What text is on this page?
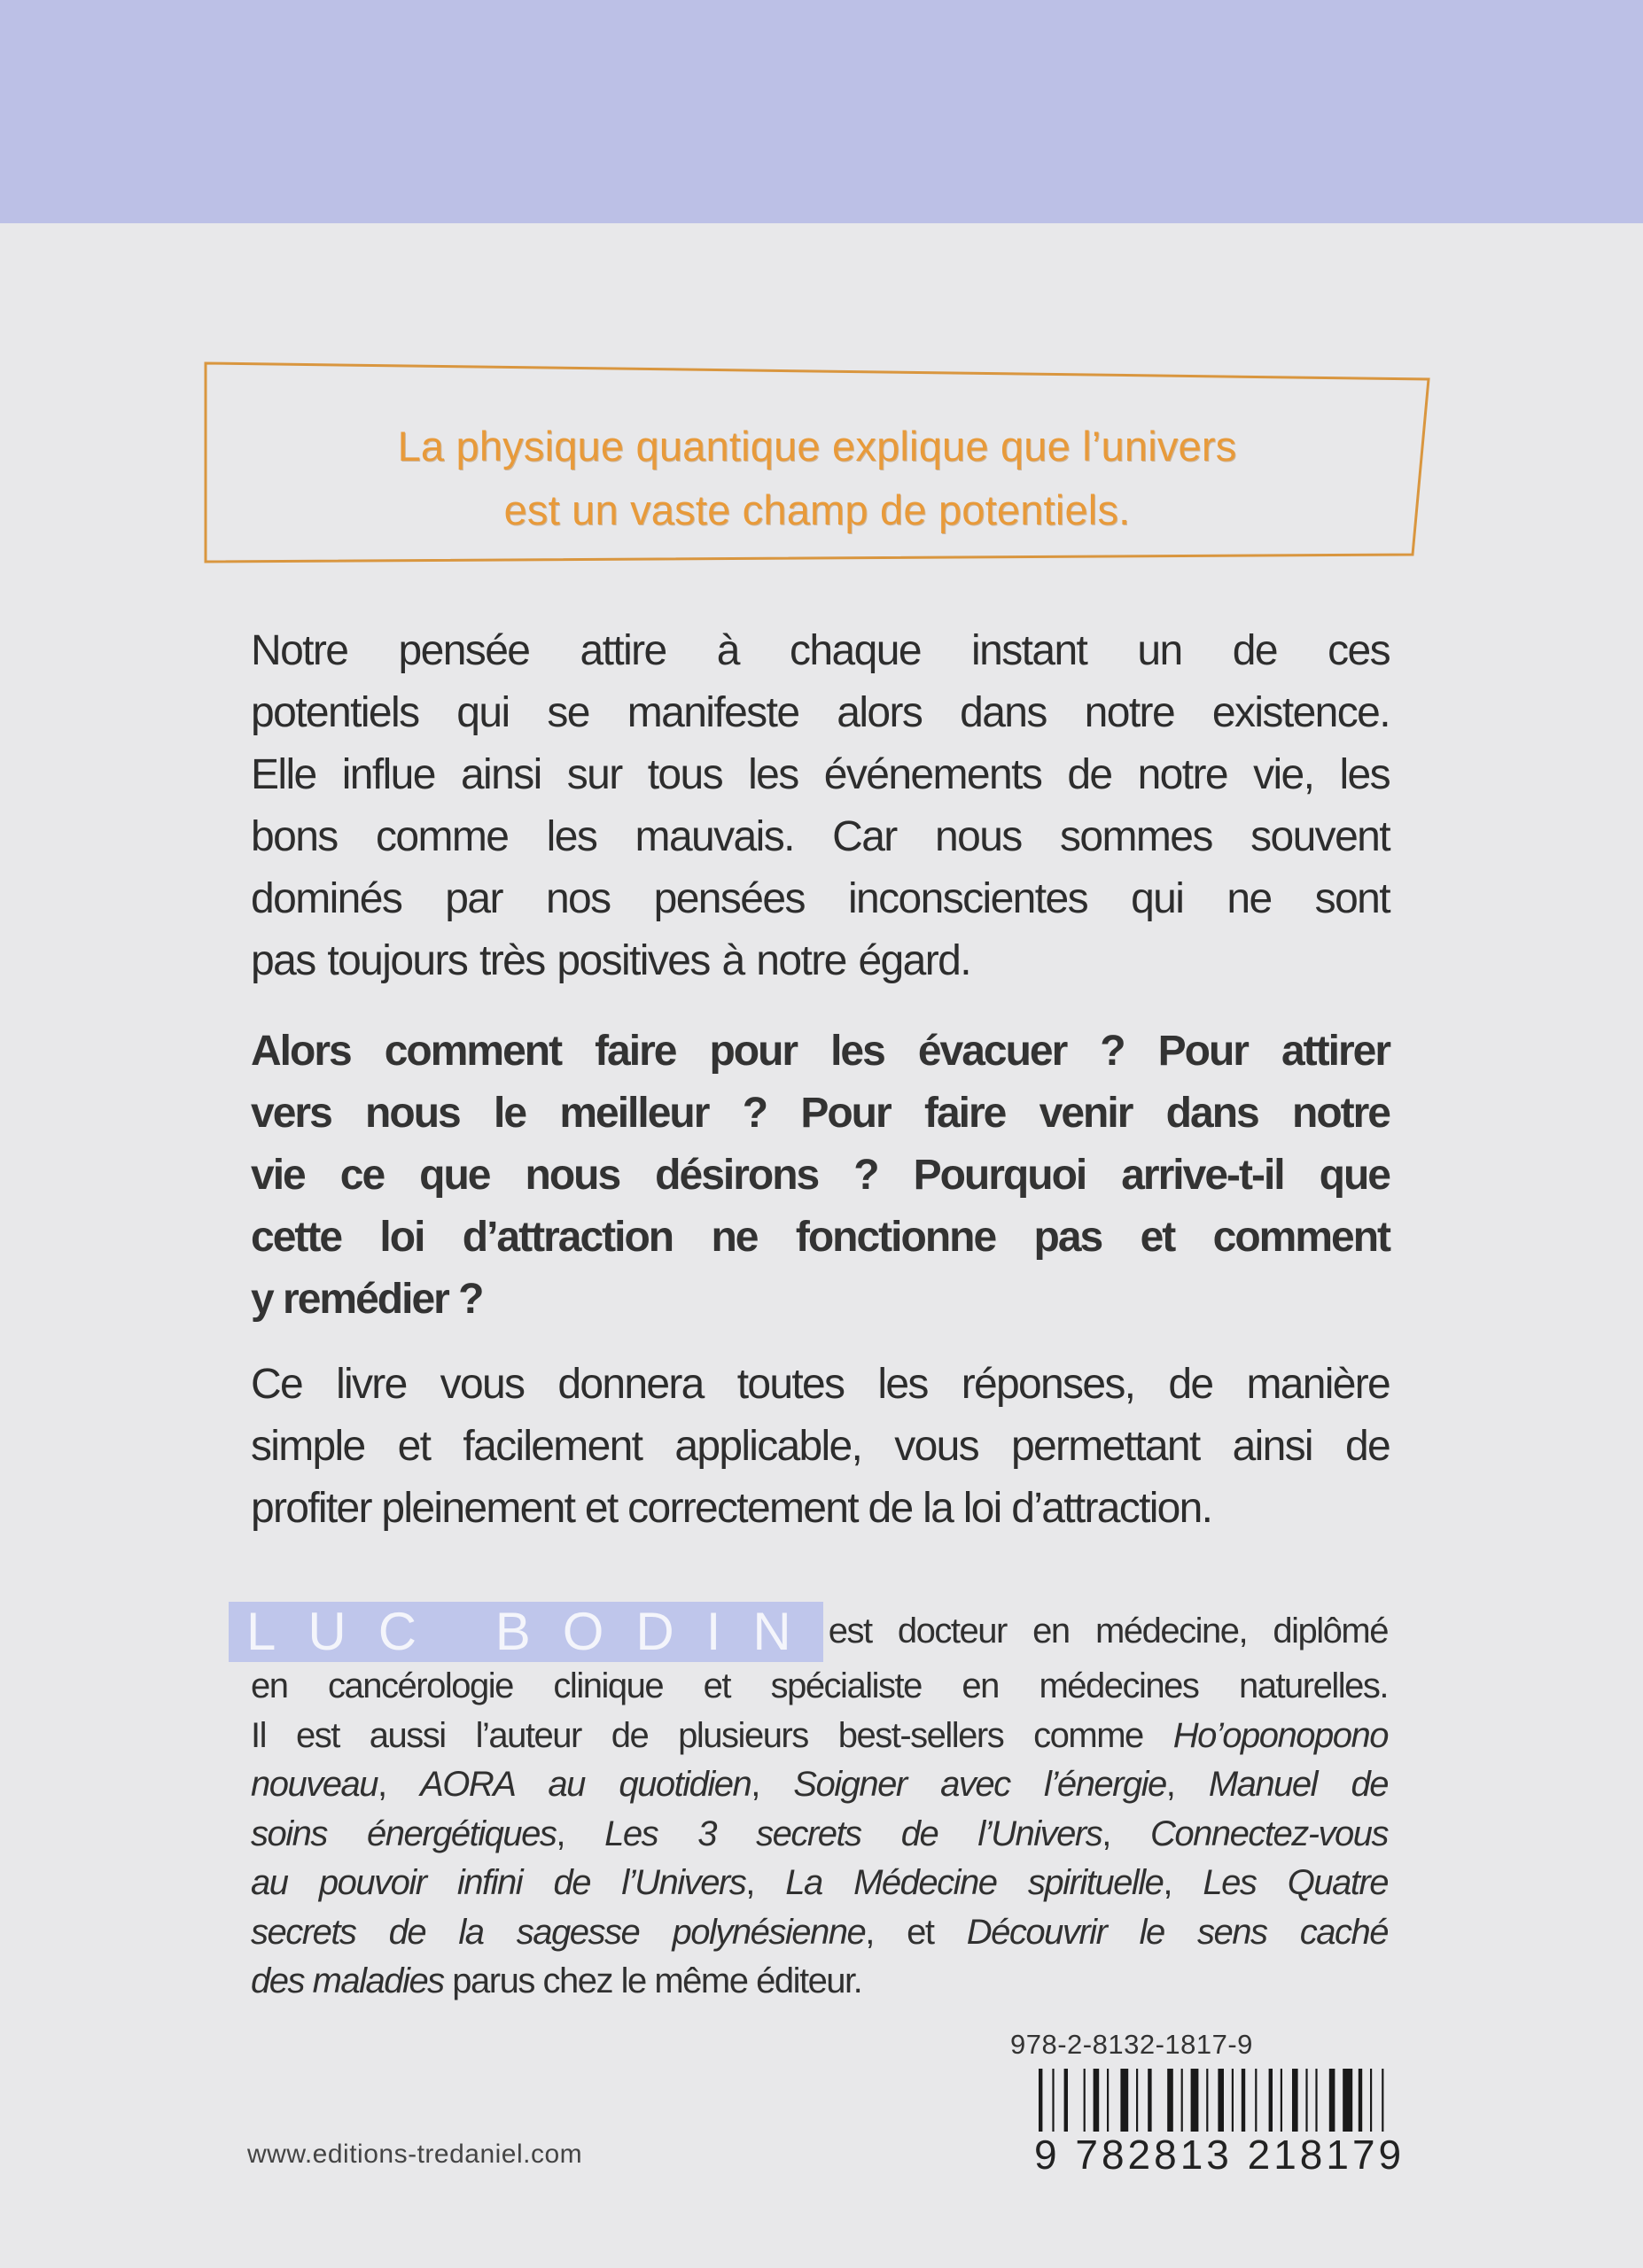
La physique quantique explique que l’univers
est un vaste champ de potentiels.
Notre pensée attire à chaque instant un de ces
potentiels qui se manifeste alors dans notre existence.
Elle influe ainsi sur tous les événements de notre vie, les
bons comme les mauvais. Car nous sommes souvent
dominés par nos pensées inconscientes qui ne sont
pas toujours très positives à notre égard.
Alors comment faire pour les évacuer ? Pour attirer
vers nous le meilleur ? Pour faire venir dans notre
vie ce que nous désirons ? Pourquoi arrive-t-il que
cette loi d’attraction ne fonctionne pas et comment
y remédier ?
Ce livre vous donnera toutes les réponses, de manière
simple et facilement applicable, vous permettant ainsi de
profiter pleinement et correctement de la loi d’attraction.
LUC BODIN est docteur en médecine, diplômé
en cancérologie clinique et spécialiste en médecines naturelles.
Il est aussi l’auteur de plusieurs best-sellers comme Ho’oponopono
nouveau, AORA au quotidien, Soigner avec l’énergie, Manuel de
soins énergétiques, Les 3 secrets de l’Univers, Connectez-vous
au pouvoir infini de l’Univers, La Médecine spirituelle, Les Quatre
secrets de la sagesse polynésienne, et Découvrir le sens caché
des maladies parus chez le même éditeur.
978-2-8132-1817-9
9 782813 218179
www.editions-tredaniel.com
